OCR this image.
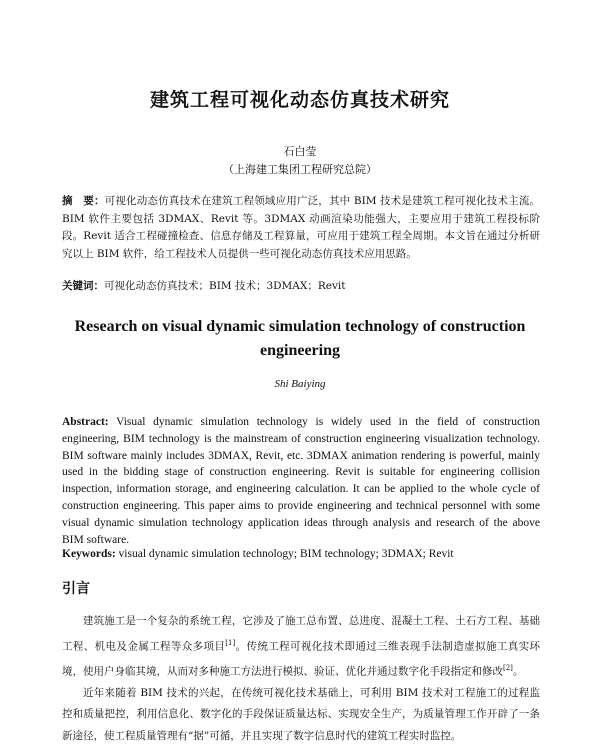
建筑工程可视化动态仿真技术研究
石白莹
（上海建工集团工程研究总院）
摘　要：可视化动态仿真技术在建筑工程领域应用广泛，其中 BIM 技术是建筑工程可视化技术主流。BIM 软件主要包括 3DMAX、Revit 等。3DMAX 动画渲染功能强大，主要应用于建筑工程投标阶段。Revit 适合工程碰撞检查、信息存储及工程算量，可应用于建筑工程全周期。本文旨在通过分析研究以上 BIM 软件，给工程技术人员提供一些可视化动态仿真技术应用思路。
关键词：可视化动态仿真技术；BIM 技术；3DMAX；Revit
Research on visual dynamic simulation technology of construction engineering
Shi Baiying
Abstract: Visual dynamic simulation technology is widely used in the field of construction engineering, BIM technology is the mainstream of construction engineering visualization technology. BIM software mainly includes 3DMAX, Revit, etc. 3DMAX animation rendering is powerful, mainly used in the bidding stage of construction engineering. Revit is suitable for engineering collision inspection, information storage, and engineering calculation. It can be applied to the whole cycle of construction engineering. This paper aims to provide engineering and technical personnel with some visual dynamic simulation technology application ideas through analysis and research of the above BIM software.
Keywords: visual dynamic simulation technology; BIM technology; 3DMAX; Revit
引言

建筑施工是一个复杂的系统工程，它涉及了施工总布置、总进度、混凝土工程、土石方工程、基础工程、机电及金属工程等众多项目[1]。传统工程可视化技术即通过三维表现手法制造虚拟施工真实环境，使用户身临其境，从而对多种施工方法进行模拟、验证、优化并通过数字化手段指定和修改[2]。

近年来随着 BIM 技术的兴起，在传统可视化技术基础上，可利用 BIM 技术对工程施工的过程监控和质量把控，利用信息化、数字化的手段保证质量达标、实现安全生产，为质量管理工作开辟了一条新途径，使工程质量管理有“据”可循，并且实现了数字信息时代的建筑工程实时监控。
